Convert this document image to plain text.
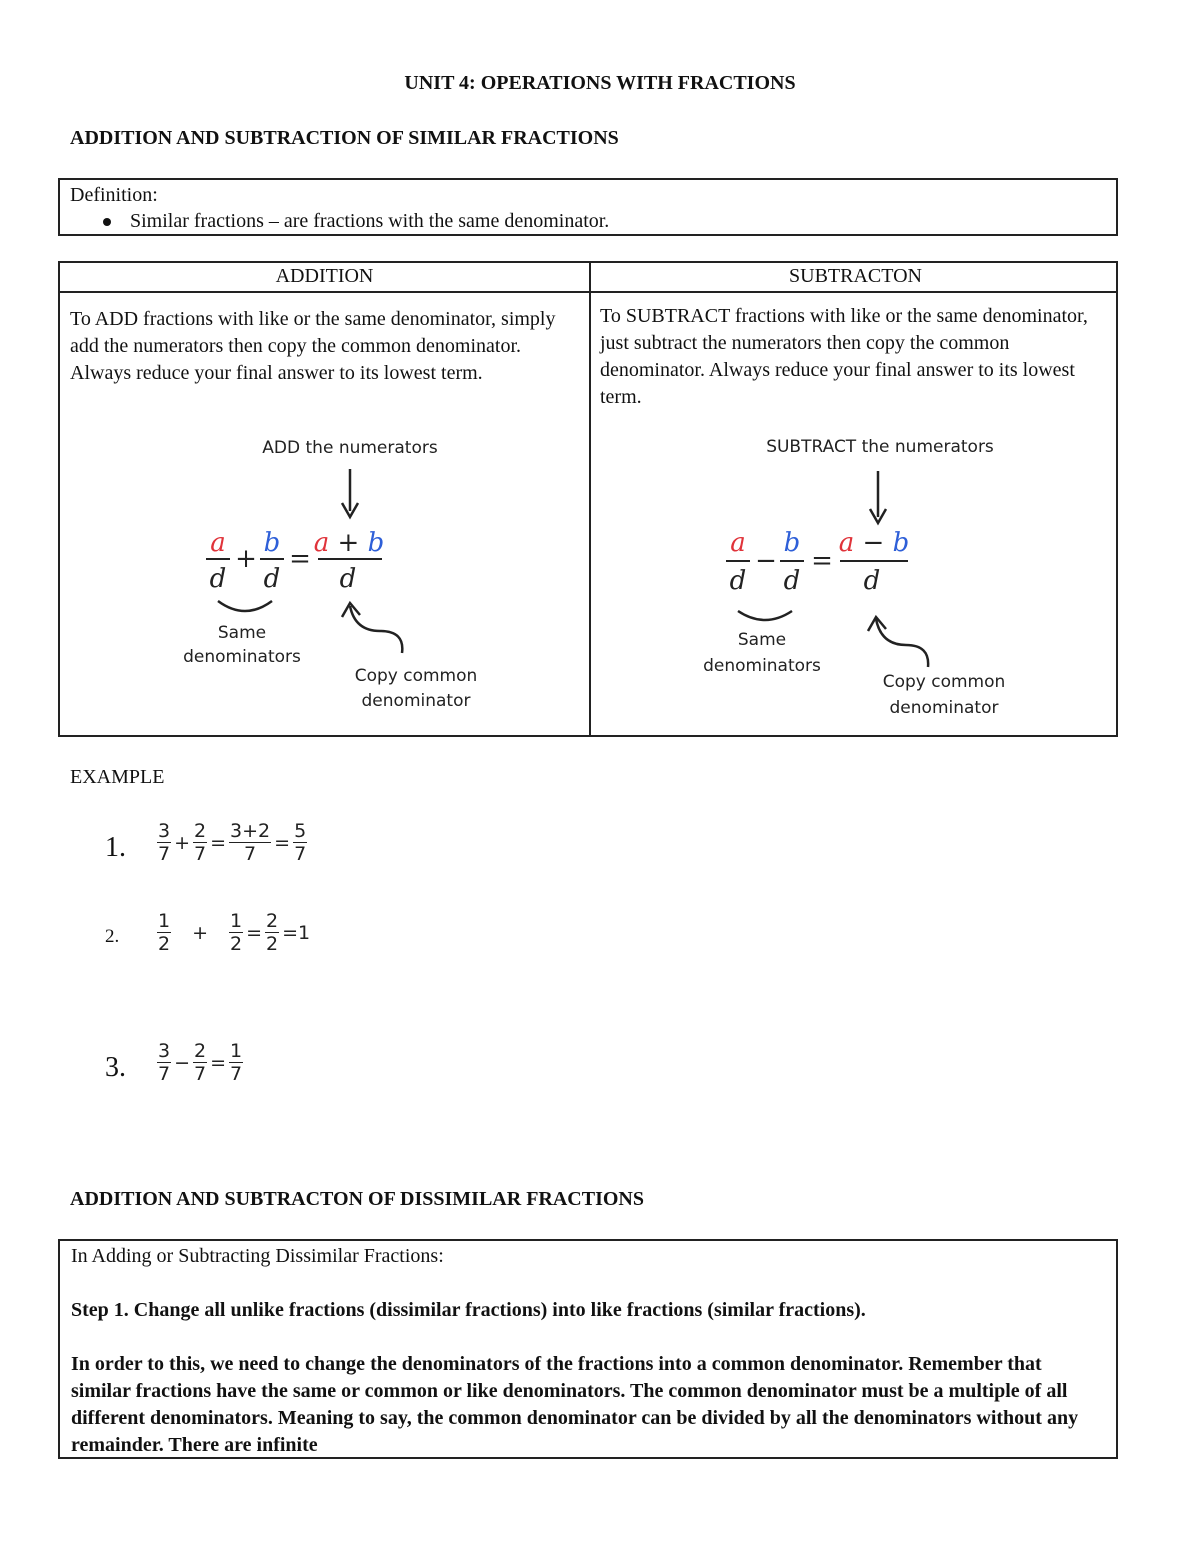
UNIT 4: OPERATIONS WITH FRACTIONS
ADDITION AND SUBTRACTION OF SIMILAR FRACTIONS
Definition:
Similar fractions – are fractions with the same denominator.
ADDITION	SUBTRACTON
To ADD fractions with like or the same denominator, simply add the numerators then copy the common denominator. Always reduce your final answer to its lowest term.
To SUBTRACT fractions with like or the same denominator, just subtract the numerators then copy the common denominator. Always reduce your final answer to its lowest term.
ADD the numerators
a
d
+
b
d
=
a + b
d
Same
denominators
Copy common
denominator
SUBTRACT the numerators
a
d
−
b
d
=
a − b
d
Same
denominators
Copy common
denominator
EXAMPLE
1. $\frac{3}{7} + \frac{2}{7} = \frac{3+2}{7} = \frac{5}{7}$
2. $\frac{1}{2} + \frac{1}{2} = \frac{2}{2} =1$
3. $\frac{3}{7} - \frac{2}{7} = \frac{1}{7}$
ADDITION AND SUBTRACTON OF DISSIMILAR FRACTIONS
In Adding or Subtracting Dissimilar Fractions:
Step 1. Change all unlike fractions (dissimilar fractions) into like fractions (similar fractions).
In order to this, we need to change the denominators of the fractions into a common denominator. Remember that similar fractions have the same or common or like denominators. The common denominator must be a multiple of all different denominators. Meaning to say, the common denominator can be divided by all the denominators without any remainder. There are infinite
